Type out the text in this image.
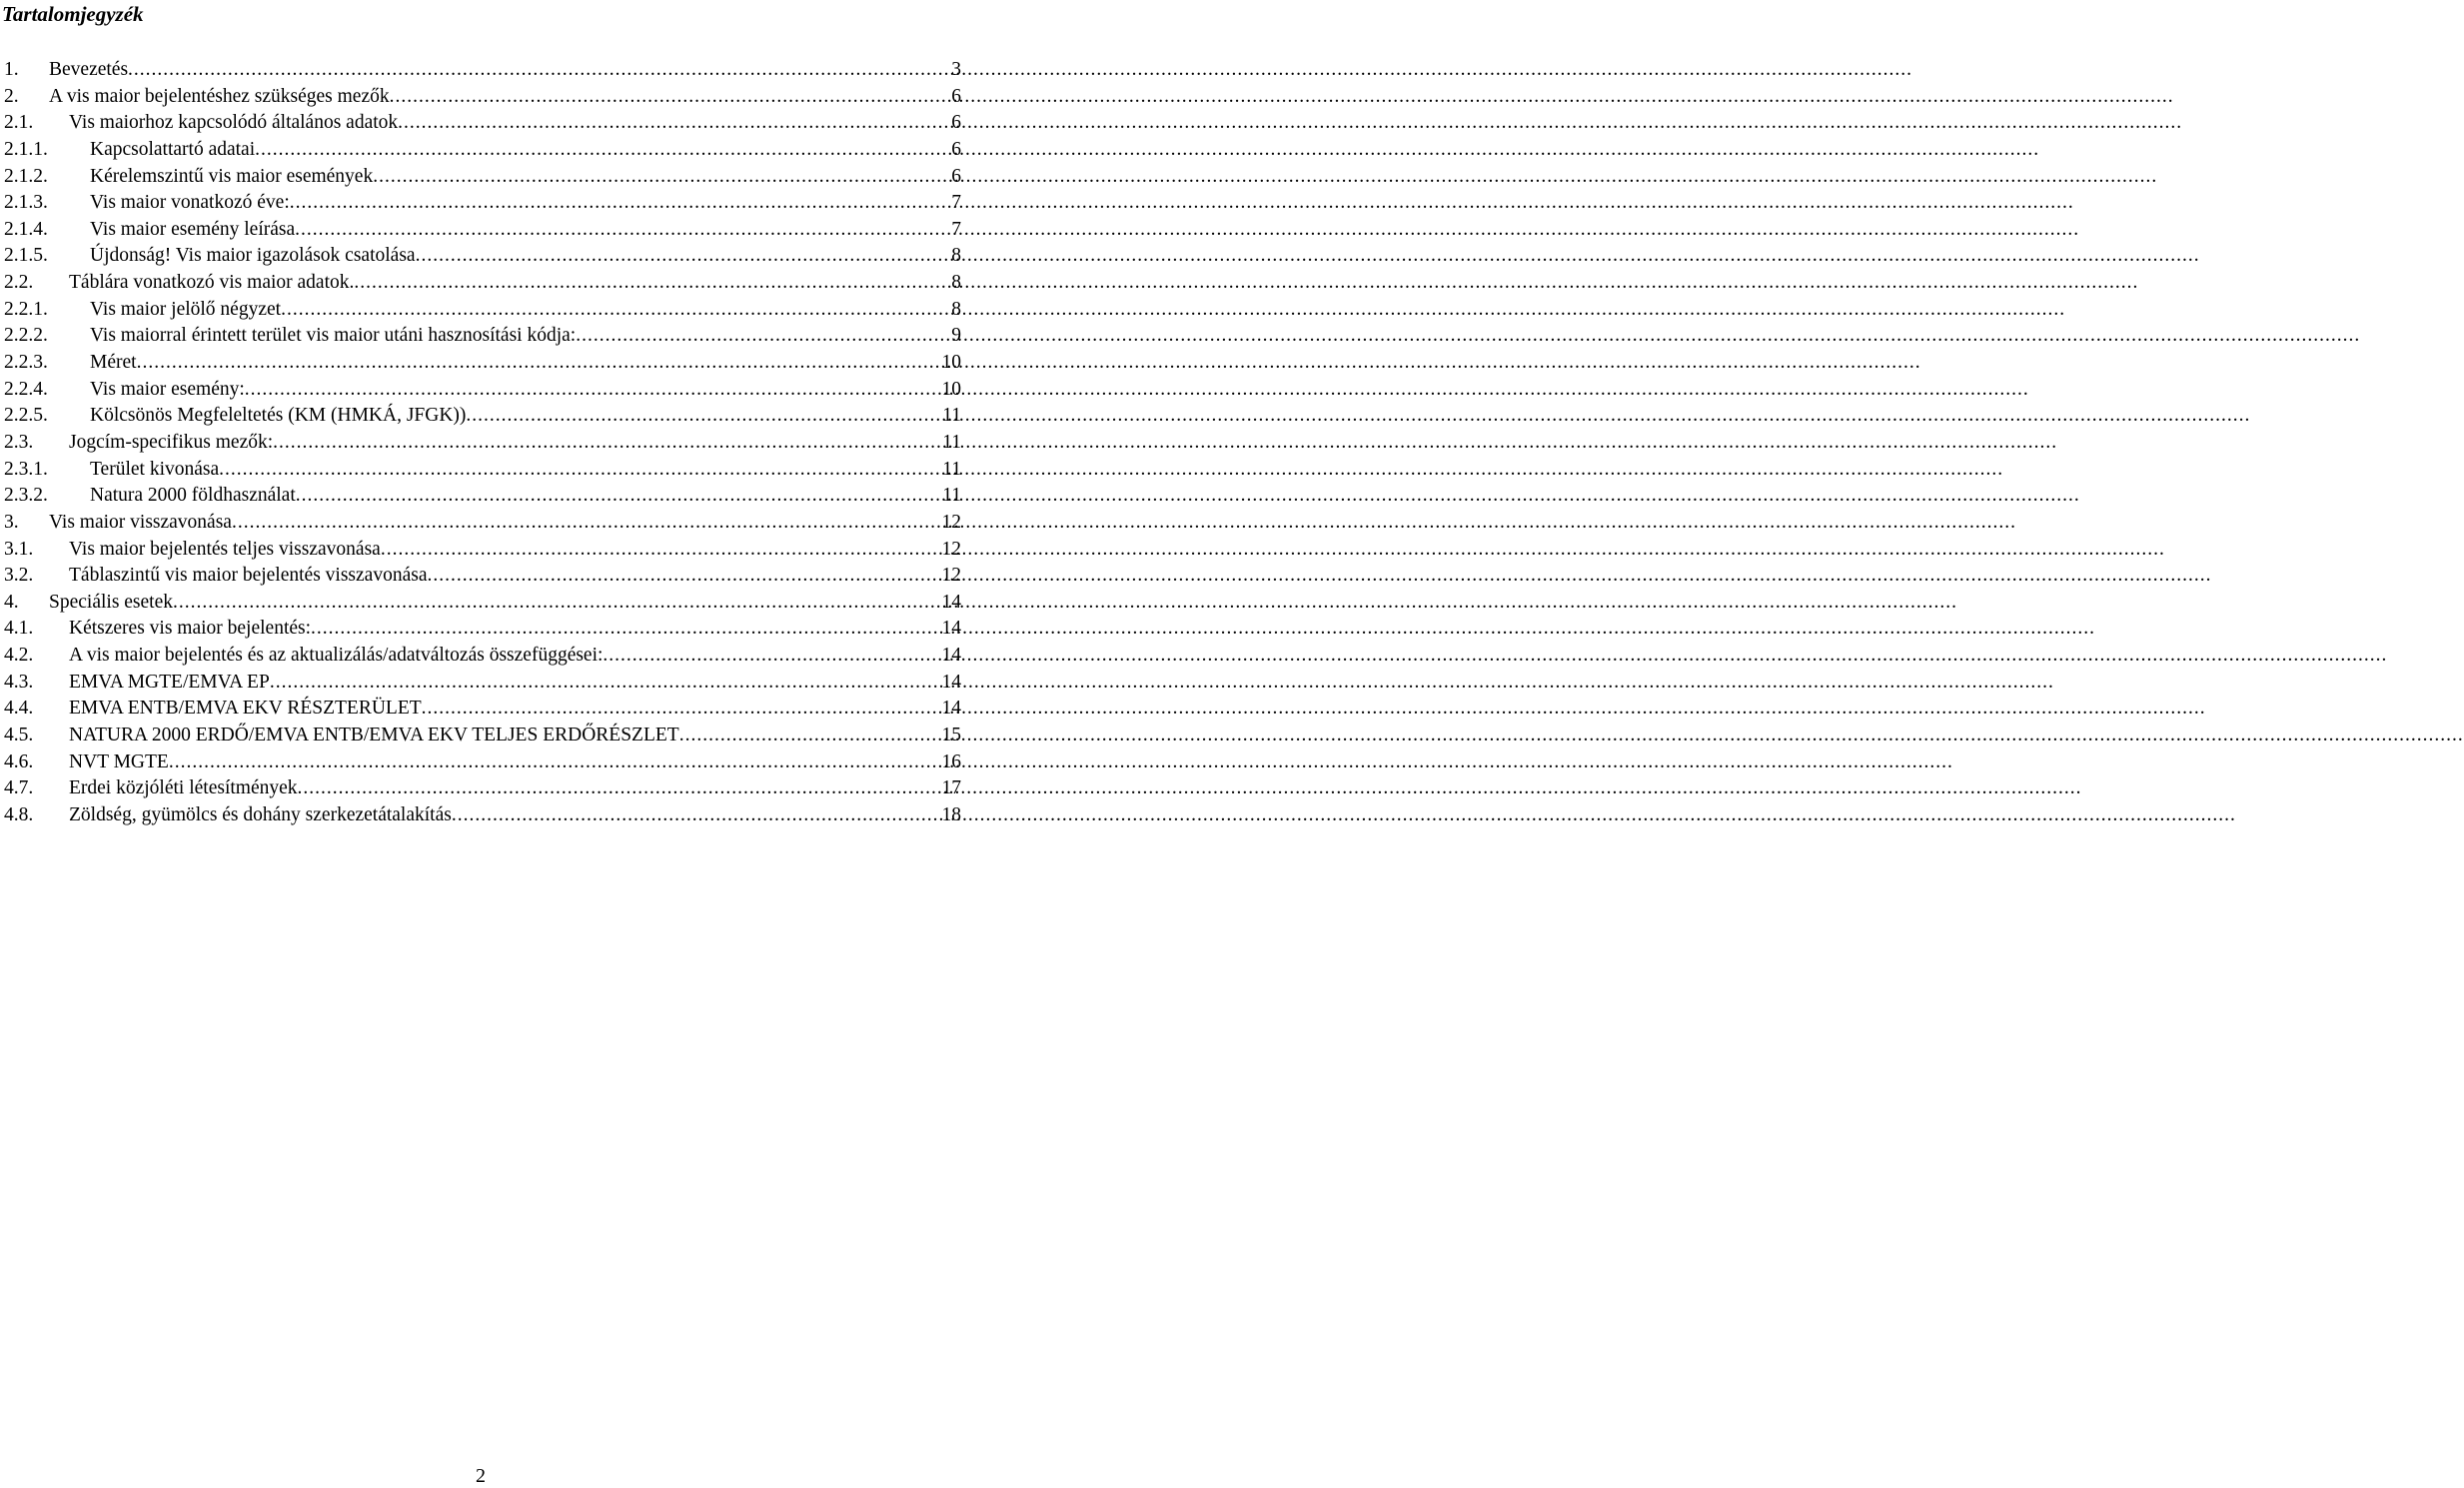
Tartalomjegyzék
1. Bevezetés .....	3
2. A vis maior bejelentéshez szükséges mezők .....	6
2.1. Vis maiorhoz kapcsolódó általános adatok .....	6
2.1.1. Kapcsolattartó adatai .....	6
2.1.2. Kérelemszintű vis maior események .....	6
2.1.3. Vis maior vonatkozó éve: .....	7
2.1.4. Vis maior esemény leírása .....	7
2.1.5. Újdonság! Vis maior igazolások csatolása .....	8
2.2. Táblára vonatkozó vis maior adatok. .....	8
2.2.1. Vis maior jelölő négyzet .....	8
2.2.2. Vis maiorral érintett terület vis maior utáni hasznosítási kódja: .....	9
2.2.3. Méret .....	10
2.2.4. Vis maior esemény: .....	10
2.2.5. Kölcsönös Megfeleltetés (KM (HMKÁ, JFGK)) .....	11
2.3. Jogcím-specifikus mezők: .....	11
2.3.1. Terület kivonása .....	11
2.3.2. Natura 2000 földhasználat .....	11
3. Vis maior visszavonása .....	12
3.1. Vis maior bejelentés teljes visszavonása .....	12
3.2. Táblaszintű vis maior bejelentés visszavonása .....	12
4. Speciális esetek .....	14
4.1. Kétszeres vis maior bejelentés: .....	14
4.2. A vis maior bejelentés és az aktualizálás/adatváltozás összefüggései: .....	14
4.3. EMVA MGTE/EMVA EP .....	14
4.4. EMVA ENTB/EMVA EKV RÉSZTERÜLET .....	14
4.5. NATURA 2000 ERDŐ/EMVA ENTB/EMVA EKV TELJES ERDŐRÉSZLET .....	15
4.6. NVT MGTE .....	16
4.7. Erdei közjóléti létesítmények .....	17
4.8. Zöldség, gyümölcs és dohány szerkezetátalakítás .....	18
2
